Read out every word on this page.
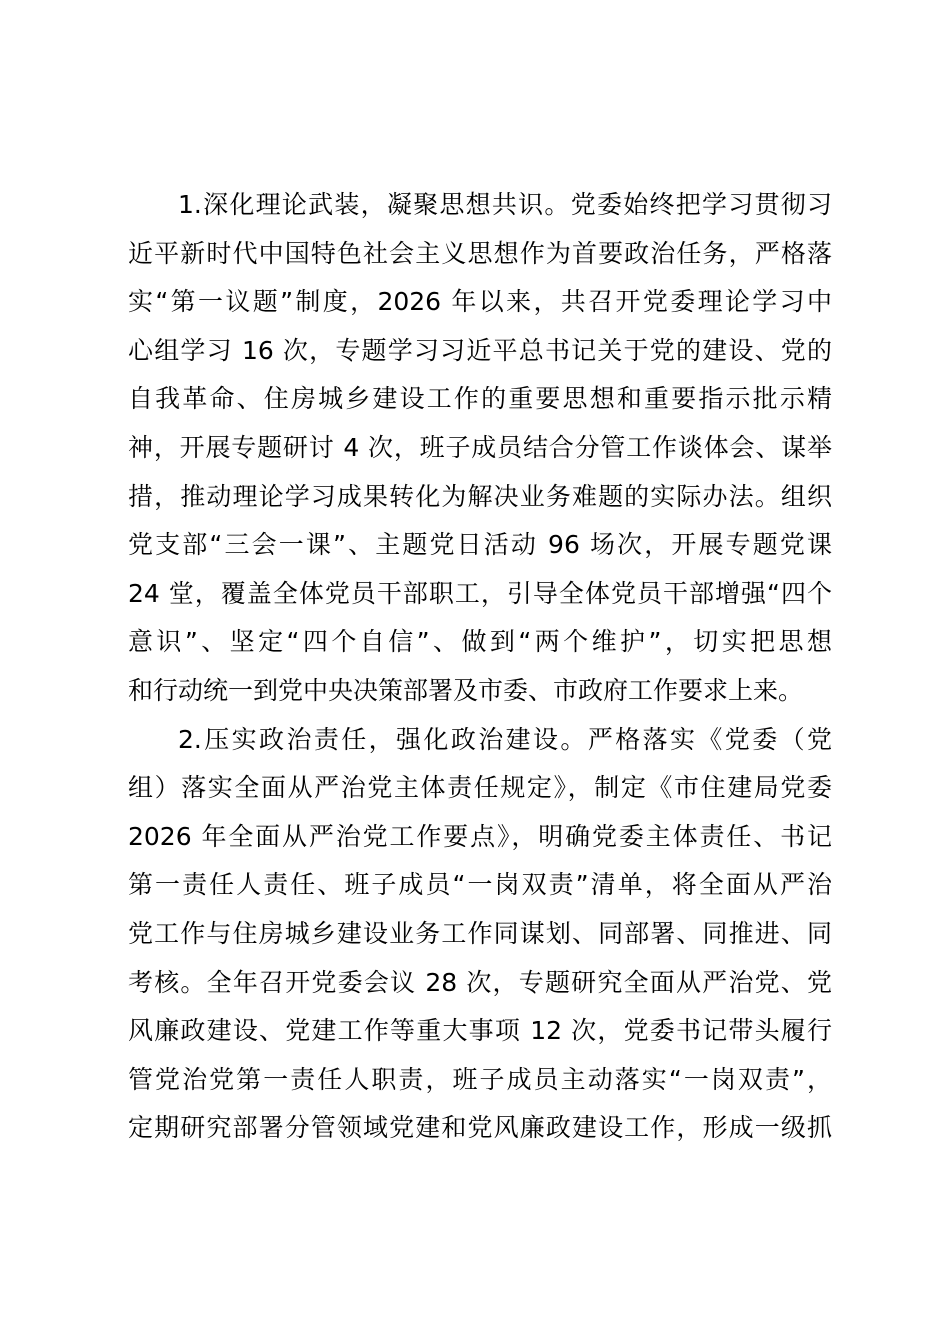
1.深化理论武装，凝聚思想共识。党委始终把学习贯彻习
近平新时代中国特色社会主义思想作为首要政治任务，严格落
实“第一议题”制度，2026 年以来，共召开党委理论学习中
心组学习 16 次，专题学习习近平总书记关于党的建设、党的
自我革命、住房城乡建设工作的重要思想和重要指示批示精
神，开展专题研讨 4 次，班子成员结合分管工作谈体会、谋举
措，推动理论学习成果转化为解决业务难题的实际办法。组织
党支部“三会一课”、主题党日活动 96 场次，开展专题党课
24 堂，覆盖全体党员干部职工，引导全体党员干部增强“四个
意识”、坚定“四个自信”、做到“两个维护”，切实把思想
和行动统一到党中央决策部署及市委、市政府工作要求上来。
2.压实政治责任，强化政治建设。严格落实《党委（党
组）落实全面从严治党主体责任规定》，制定《市住建局党委
2026 年全面从严治党工作要点》，明确党委主体责任、书记
第一责任人责任、班子成员“一岗双责”清单，将全面从严治
党工作与住房城乡建设业务工作同谋划、同部署、同推进、同
考核。全年召开党委会议 28 次，专题研究全面从严治党、党
风廉政建设、党建工作等重大事项 12 次，党委书记带头履行
管党治党第一责任人职责，班子成员主动落实“一岗双责”，
定期研究部署分管领域党建和党风廉政建设工作，形成一级抓
